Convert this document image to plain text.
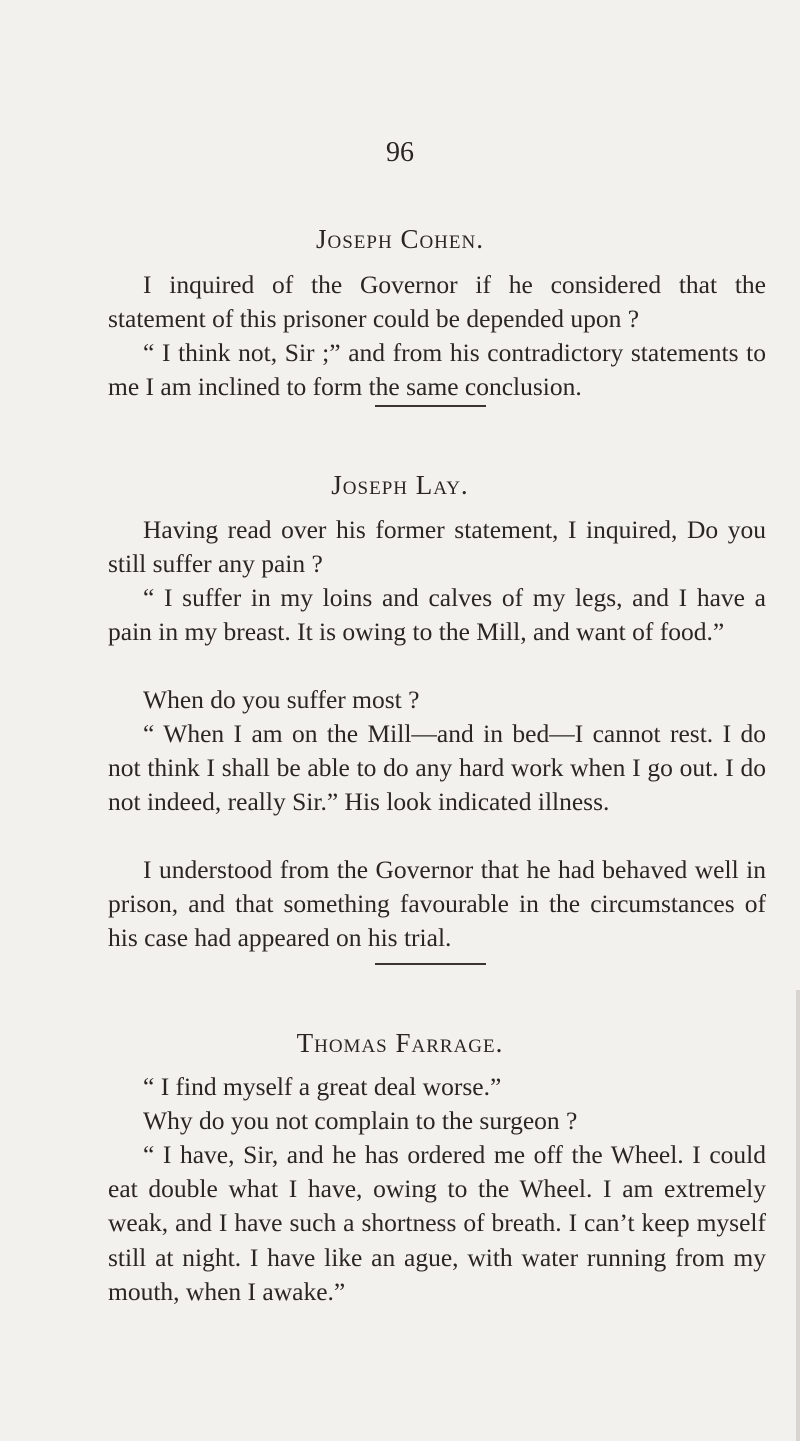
96
Joseph Cohen.

I inquired of the Governor if he considered that the statement of this prisoner could be depended upon ?

“ I think not, Sir ;” and from his contradictory statements to me I am inclined to form the same conclusion.

Joseph Lay.

Having read over his former statement, I inquired, Do you still suffer any pain ?

“ I suffer in my loins and calves of my legs, and I have a pain in my breast. It is owing to the Mill, and want of food.”

When do you suffer most ?

“ When I am on the Mill—and in bed—I cannot rest. I do not think I shall be able to do any hard work when I go out. I do not indeed, really Sir.” His look indicated illness.

I understood from the Governor that he had behaved well in prison, and that something favourable in the circumstances of his case had appeared on his trial.

Thomas Farrage.

“ I find myself a great deal worse.”

Why do you not complain to the surgeon ?

“ I have, Sir, and he has ordered me off the Wheel. I could eat double what I have, owing to the Wheel. I am extremely weak, and I have such a shortness of breath. I can’t keep myself still at night. I have like an ague, with water running from my mouth, when I awake.”
